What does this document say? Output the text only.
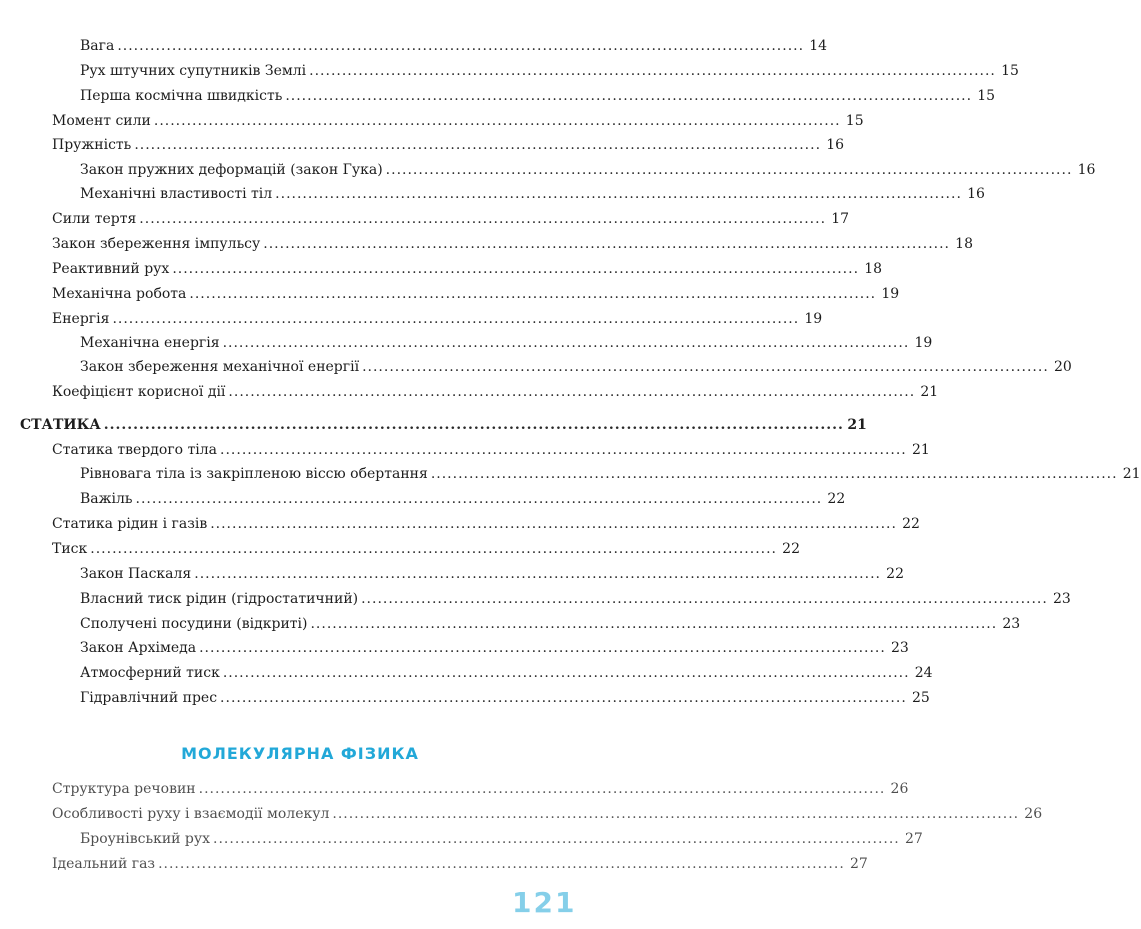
Вага .............................................................................................................................. 14
Рух штучних супутників Землі .............................................................................................................................. 15
Перша космічна швидкість .............................................................................................................................. 15
Момент сили .............................................................................................................................. 15
Пружність .............................................................................................................................. 16
Закон пружних деформацій (закон Гука) .............................................................................................................................. 16
Механічні властивості тіл .............................................................................................................................. 16
Сили тертя .............................................................................................................................. 17
Закон збереження імпульсу .............................................................................................................................. 18
Реактивний рух .............................................................................................................................. 18
Механічна робота .............................................................................................................................. 19
Енергія .............................................................................................................................. 19
Механічна енергія .............................................................................................................................. 19
Закон збереження механічної енергії .............................................................................................................................. 20
Коефіцієнт корисної дії .............................................................................................................................. 21
СТАТИКА .............................................................................................................................. 21
Статика твердого тіла .............................................................................................................................. 21
Рівновага тіла із закріпленою віссю обертання .............................................................................................................................. 21
Важіль .............................................................................................................................. 22
Статика рідин і газів .............................................................................................................................. 22
Тиск .............................................................................................................................. 22
Закон Паскаля .............................................................................................................................. 22
Власний тиск рідин (гідростатичний) .............................................................................................................................. 23
Сполучені посудини (відкриті) .............................................................................................................................. 23
Закон Архімеда .............................................................................................................................. 23
Атмосферний тиск .............................................................................................................................. 24
Гідравлічний прес .............................................................................................................................. 25
МОЛЕКУЛЯРНА ФІЗИКА
Структура речовин .............................................................................................................................. 26
Особливості руху і взаємодії молекул .............................................................................................................................. 26
Броунівський рух .............................................................................................................................. 27
Ідеальний газ .............................................................................................................................. 27
121
